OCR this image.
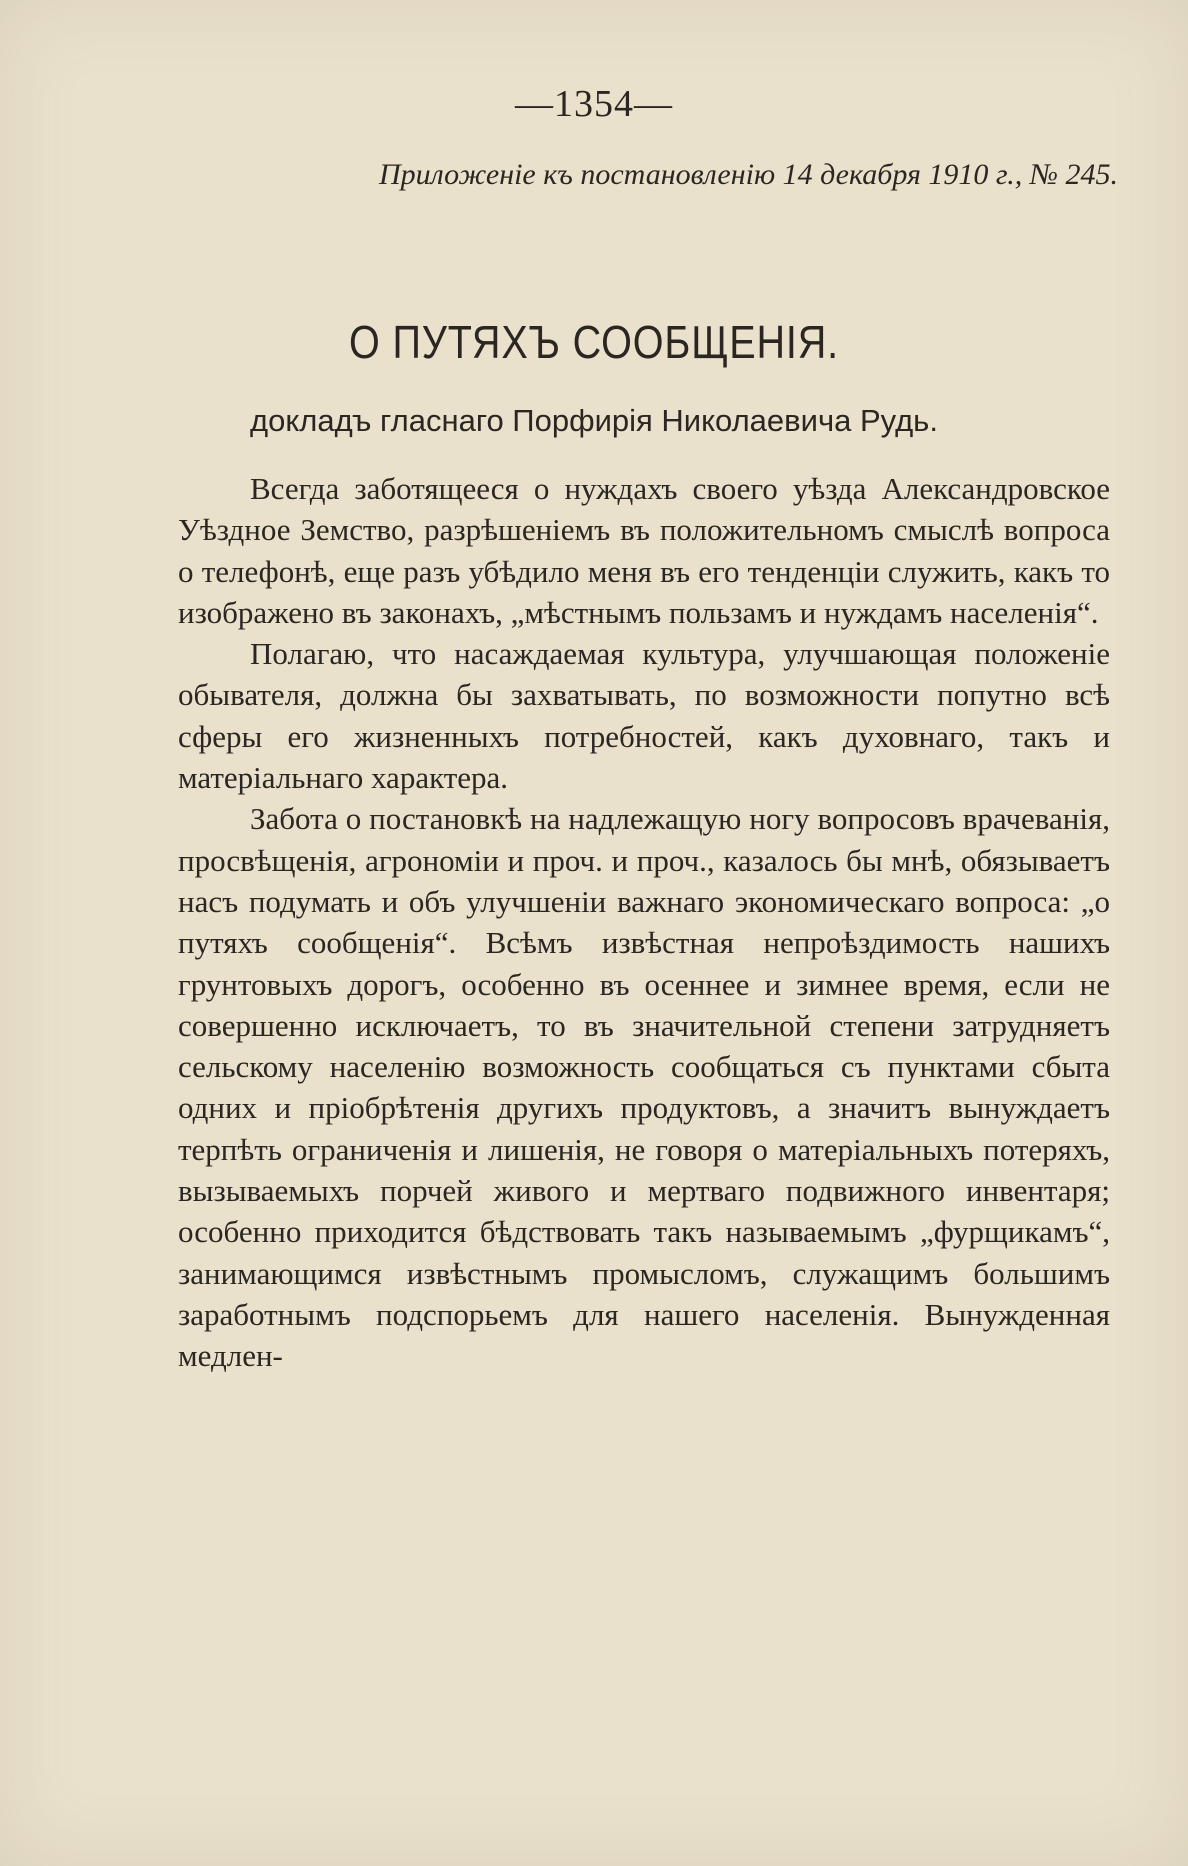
—1354—
Приложеніе къ постановленію 14 декабря 1910 г., № 245.
О ПУТЯХЪ СООБЩЕНІЯ.
докладъ гласнаго Порфирія Николаевича Рудь.

Всегда заботящееся о нуждахъ своего уѣзда Александровское Уѣздное Земство, разрѣшеніемъ въ положительномъ смыслѣ вопроса о телефонѣ, еще разъ убѣдило меня въ его тенденціи служить, какъ то изображено въ законахъ, „мѣстнымъ пользамъ и нуждамъ населенія“.

Полагаю, что насаждаемая культура, улучшающая положеніе обывателя, должна бы захватывать, по возможности попутно всѣ сферы его жизненныхъ потребностей, какъ духовнаго, такъ и матеріальнаго характера.

Забота о постановкѣ на надлежащую ногу вопросовъ врачеванія, просвѣщенія, агрономіи и проч. и проч., казалось бы мнѣ, обязываетъ насъ подумать и объ улучшеніи важнаго экономическаго вопроса: „о путяхъ сообщенія“. Всѣмъ извѣстная непроѣздимость нашихъ грунтовыхъ дорогъ, особенно въ осеннее и зимнее время, если не совершенно исключаетъ, то въ значительной степени затрудняетъ сельскому населенію возможность сообщаться съ пунктами сбыта одних и пріобрѣтенія другихъ продуктовъ, а значитъ вынуждаетъ терпѣть ограниченія и лишенія, не говоря о матеріальныхъ потеряхъ, вызываемыхъ порчей живого и мертваго подвижного инвентаря; особенно приходится бѣдствовать такъ называемымъ „фурщикамъ“, занимающимся извѣстнымъ промысломъ, служащимъ большимъ заработнымъ подспорьемъ для нашего населенія. Вынужденная медлен-
